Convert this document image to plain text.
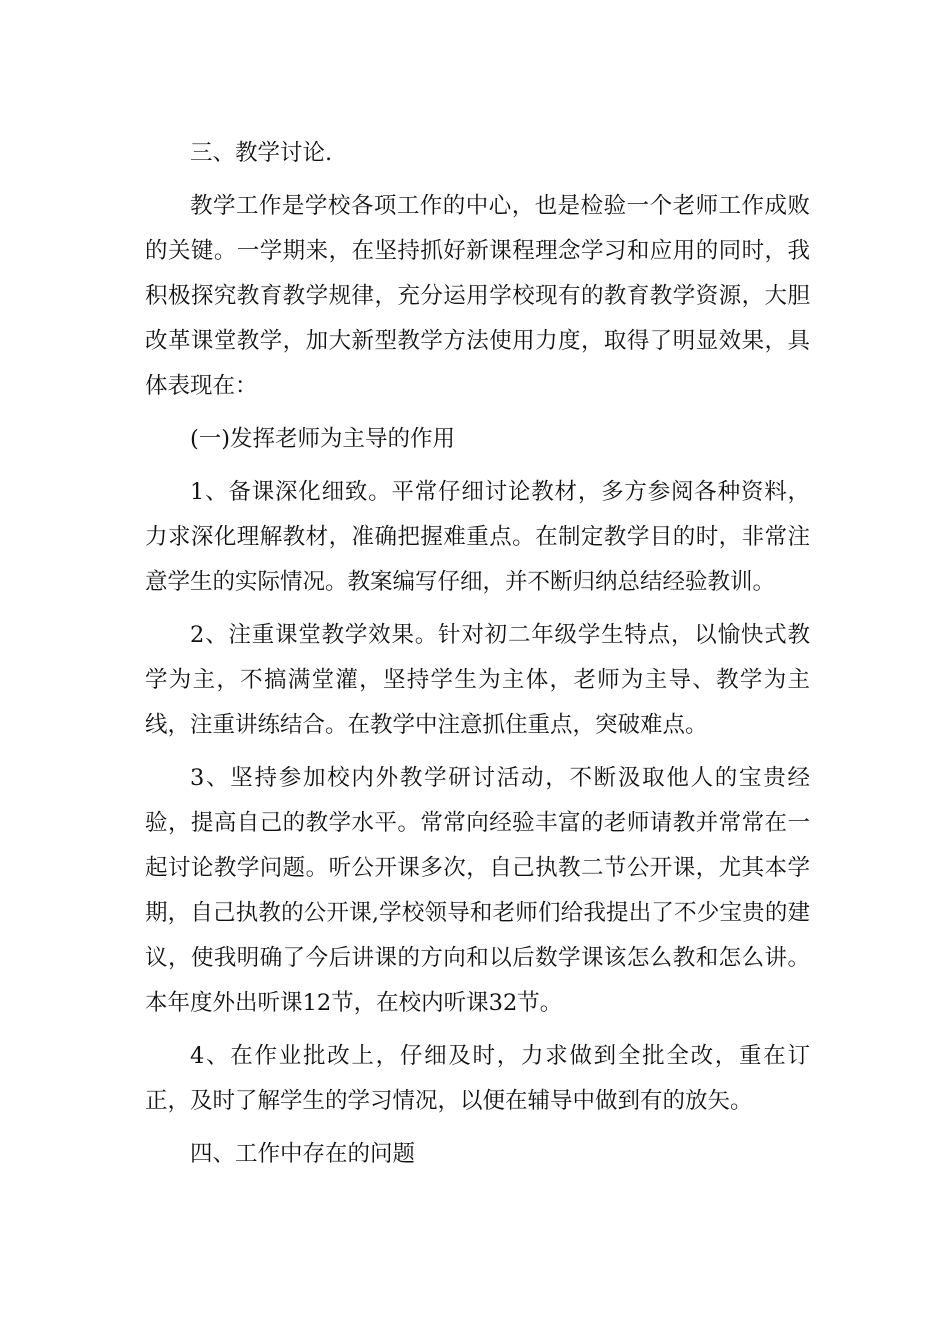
三、教学讨论.

教学工作是学校各项工作的中心，也是检验一个老师工作成败的关键。一学期来，在坚持抓好新课程理念学习和应用的同时，我积极探究教育教学规律，充分运用学校现有的教育教学资源，大胆改革课堂教学，加大新型教学方法使用力度，取得了明显效果，具体表现在：

(一)发挥老师为主导的作用

1、备课深化细致。平常仔细讨论教材，多方参阅各种资料，力求深化理解教材，准确把握难重点。在制定教学目的时，非常注意学生的实际情况。教案编写仔细，并不断归纳总结经验教训。

2、注重课堂教学效果。针对初二年级学生特点，以愉快式教学为主，不搞满堂灌，坚持学生为主体，老师为主导、教学为主线，注重讲练结合。在教学中注意抓住重点，突破难点。

3、坚持参加校内外教学研讨活动，不断汲取他人的宝贵经验，提高自己的教学水平。常常向经验丰富的老师请教并常常在一起讨论教学问题。听公开课多次，自己执教二节公开课，尤其本学期，自己执教的公开课,学校领导和老师们给我提出了不少宝贵的建议，使我明确了今后讲课的方向和以后数学课该怎么教和怎么讲。本年度外出听课12节，在校内听课32节。

4、在作业批改上，仔细及时，力求做到全批全改，重在订正，及时了解学生的学习情况，以便在辅导中做到有的放矢。

四、工作中存在的问题
